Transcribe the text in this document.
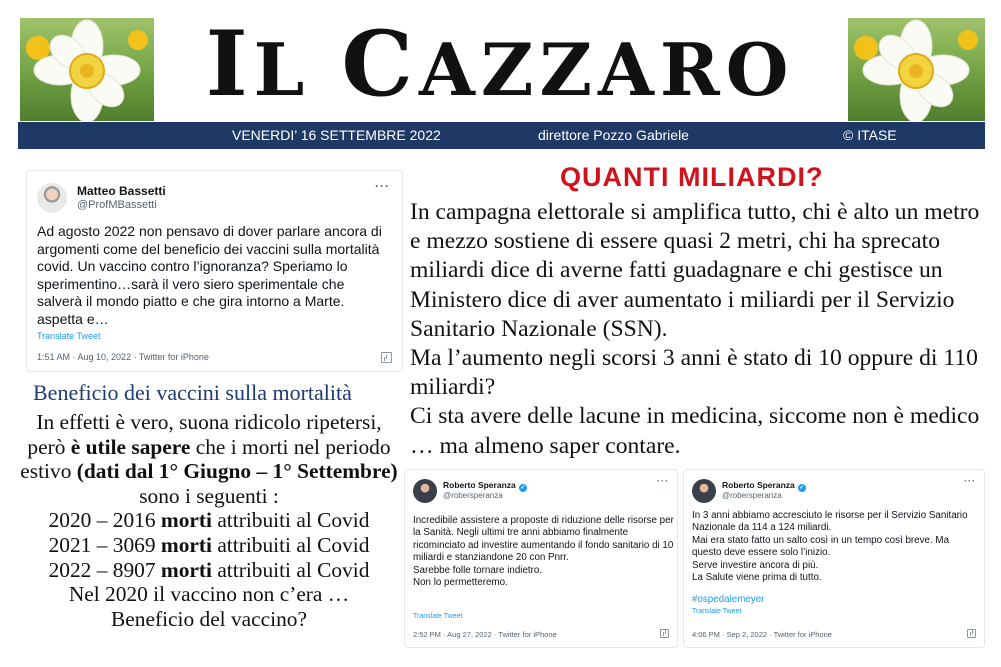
IL CAZZARO
VENERDI’ 16 SETTEMBRE 2022	direttore Pozzo Gabriele	© ITASE
Matteo Bassetti
@ProfMBassetti
···
Ad agosto 2022 non pensavo di dover parlare ancora di argomenti come del beneficio dei vaccini sulla mortalità covid. Un vaccino contro l’ignoranza? Speriamo lo sperimentino…sarà il vero siero sperimentale che salverà il mondo piatto e che gira intorno a Marte. aspetta e…
Translate Tweet
1:51 AM · Aug 10, 2022 · Twitter for iPhone
QUANTI MILIARDI?

In campagna elettorale si amplifica tutto, chi è alto un metro e mezzo sostiene di essere quasi 2 metri, chi ha sprecato miliardi dice di averne fatti guadagnare e chi gestisce un Ministero dice di aver aumentato i miliardi per il Servizio Sanitario Nazionale (SSN).

Ma l’aumento negli scorsi 3 anni è stato di 10 oppure di 110 miliardi?

Ci sta avere delle lacune in medicina, siccome non è medico … ma almeno saper contare.

Beneficio dei vaccini sulla mortalità

In effetti è vero, suona ridicolo ripetersi, però è utile sapere che i morti nel periodo estivo (dati dal 1° Giugno – 1° Settembre) sono i seguenti :

2020 – 2016 morti attribuiti al Covid

2021 – 3069 morti attribuiti al Covid

2022 – 8907 morti attribuiti al Covid

Nel 2020 il vaccino non c’era …

Beneficio del vaccino?

Roberto Speranza ✓
@robersperanza
···
Incredibile assistere a proposte di riduzione delle risorse per la Sanità. Negli ultimi tre anni abbiamo finalmente ricominciato ad investire aumentando il fondo sanitario di 10 miliardi e stanziandone 20 con Pnrr.
Sarebbe folle tornare indietro.
Non lo permetteremo.
Translate Tweet
2:52 PM · Aug 27, 2022 · Twitter for iPhone
Roberto Speranza ✓
@robersperanza
···
In 3 anni abbiamo accresciuto le risorse per il Servizio Sanitario Nazionale da 114 a 124 miliardi.
Mai era stato fatto un salto così in un tempo così breve. Ma questo deve essere solo l’inizio.
Serve investire ancora di più.
La Salute viene prima di tutto.
#ospedalemeyer
Translate Tweet
4:06 PM · Sep 2, 2022 · Twitter for iPhone
